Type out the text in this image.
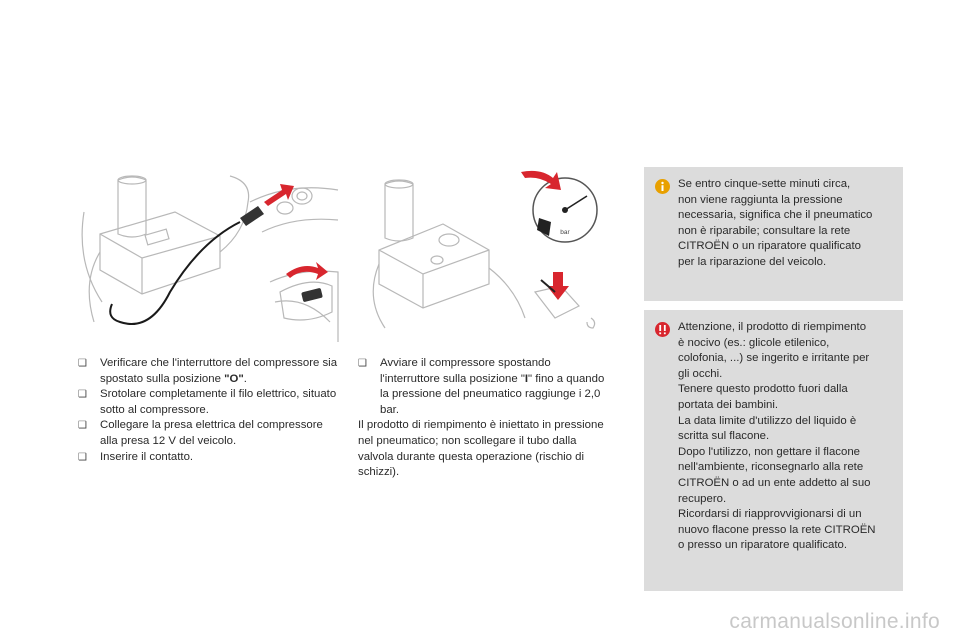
bar
❑ Verificare che l'interruttore del compressore sia spostato sulla posizione "O".
❑ Srotolare completamente il filo elettrico, situato sotto al compressore.
❑ Collegare la presa elettrica del compressore alla presa 12 V del veicolo.
❑ Inserire il contatto.
❑ Avviare il compressore spostando l'interruttore sulla posizione "I" fino a quando la pressione del pneumatico raggiunge i 2,0 bar.

Il prodotto di riempimento è iniettato in pressione nel pneumatico; non scollegare il tubo dalla valvola durante questa operazione (rischio di schizzi).

Se entro cinque-sette minuti circa,

non viene raggiunta la pressione

necessaria, significa che il pneumatico

non è riparabile; consultare la rete

CITROËN o un riparatore qualificato

per la riparazione del veicolo.

Attenzione, il prodotto di riempimento

è nocivo (es.: glicole etilenico,

colofonia, ...) se ingerito e irritante per

gli occhi.

Tenere questo prodotto fuori dalla

portata dei bambini.

La data limite d'utilizzo del liquido è

scritta sul flacone.

Dopo l'utilizzo, non gettare il flacone

nell'ambiente, riconsegnarlo alla rete

CITROËN o ad un ente addetto al suo

recupero.

Ricordarsi di riapprovvigionarsi di un

nuovo flacone presso la rete CITROËN

o presso un riparatore qualificato.

carmanualsonline.info
